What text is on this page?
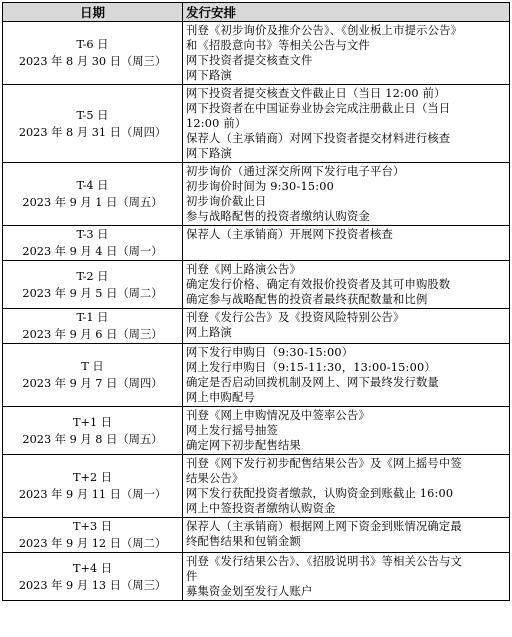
日期	发行安排

T-6 日
2023 年 8 月 30 日（周三）	刊登《初步询价及推介公告》、《创业板上市提示公告》
和《招股意向书》等相关公告与文件
网下投资者提交核查文件
网下路演

T-5 日
2023 年 8 月 31 日（周四）	网下投资者提交核查文件截止日（当日 12:00 前）
网下投资者在中国证券业协会完成注册截止日（当日
12:00 前）
保荐人（主承销商）对网下投资者提交材料进行核查
网下路演

T-4 日
2023 年 9 月 1 日（周五）	初步询价（通过深交所网下发行电子平台）
初步询价时间为 9:30-15:00
初步询价截止日
参与战略配售的投资者缴纳认购资金

T-3 日
2023 年 9 月 4 日（周一）	保荐人（主承销商）开展网下投资者核查

T-2 日
2023 年 9 月 5 日（周二）	刊登《网上路演公告》
确定发行价格、确定有效报价投资者及其可申购股数
确定参与战略配售的投资者最终获配数量和比例

T-1 日
2023 年 9 月 6 日（周三）	刊登《发行公告》及《投资风险特别公告》
网上路演

T 日
2023 年 9 月 7 日（周四）	网下发行申购日（9:30-15:00）
网上发行申购日（9:15-11:30，13:00-15:00）
确定是否启动回拨机制及网上、网下最终发行数量
网上申购配号

T+1 日
2023 年 9 月 8 日（周五）	刊登《网上申购情况及中签率公告》
网上发行摇号抽签
确定网下初步配售结果

T+2 日
2023 年 9 月 11 日（周一）	刊登《网下发行初步配售结果公告》及《网上摇号中签
结果公告》
网下发行获配投资者缴款，认购资金到账截止 16:00
网上中签投资者缴纳认购资金

T+3 日
2023 年 9 月 12 日（周二）	保荐人（主承销商）根据网上网下资金到账情况确定最
终配售结果和包销金额

T+4 日
2023 年 9 月 13 日（周三）	刊登《发行结果公告》、《招股说明书》等相关公告与文
件
募集资金划至发行人账户
